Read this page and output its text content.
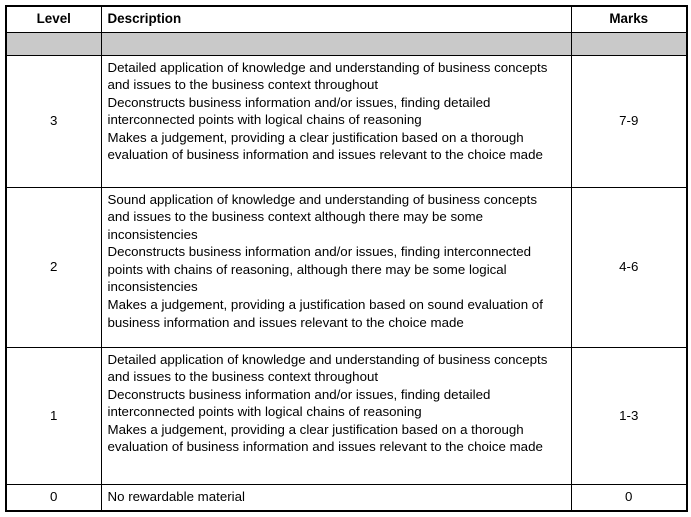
Level	Description	Marks

3	Detailed application of knowledge and understanding of business concepts and issues to the business context throughout
Deconstructs business information and/or issues, finding detailed interconnected points with logical chains of reasoning
Makes a judgement, providing a clear justification based on a thorough evaluation of business information and issues relevant to the choice made	7-9
2	Sound application of knowledge and understanding of business concepts and issues to the business context although there may be some inconsistencies
Deconstructs business information and/or issues, finding interconnected points with chains of reasoning, although there may be some logical inconsistencies
Makes a judgement, providing a justification based on sound evaluation of business information and issues relevant to the choice made	4-6
1	Detailed application of knowledge and understanding of business concepts and issues to the business context throughout
Deconstructs business information and/or issues, finding detailed interconnected points with logical chains of reasoning
Makes a judgement, providing a clear justification based on a thorough evaluation of business information and issues relevant to the choice made	1-3
0	No rewardable material	0
